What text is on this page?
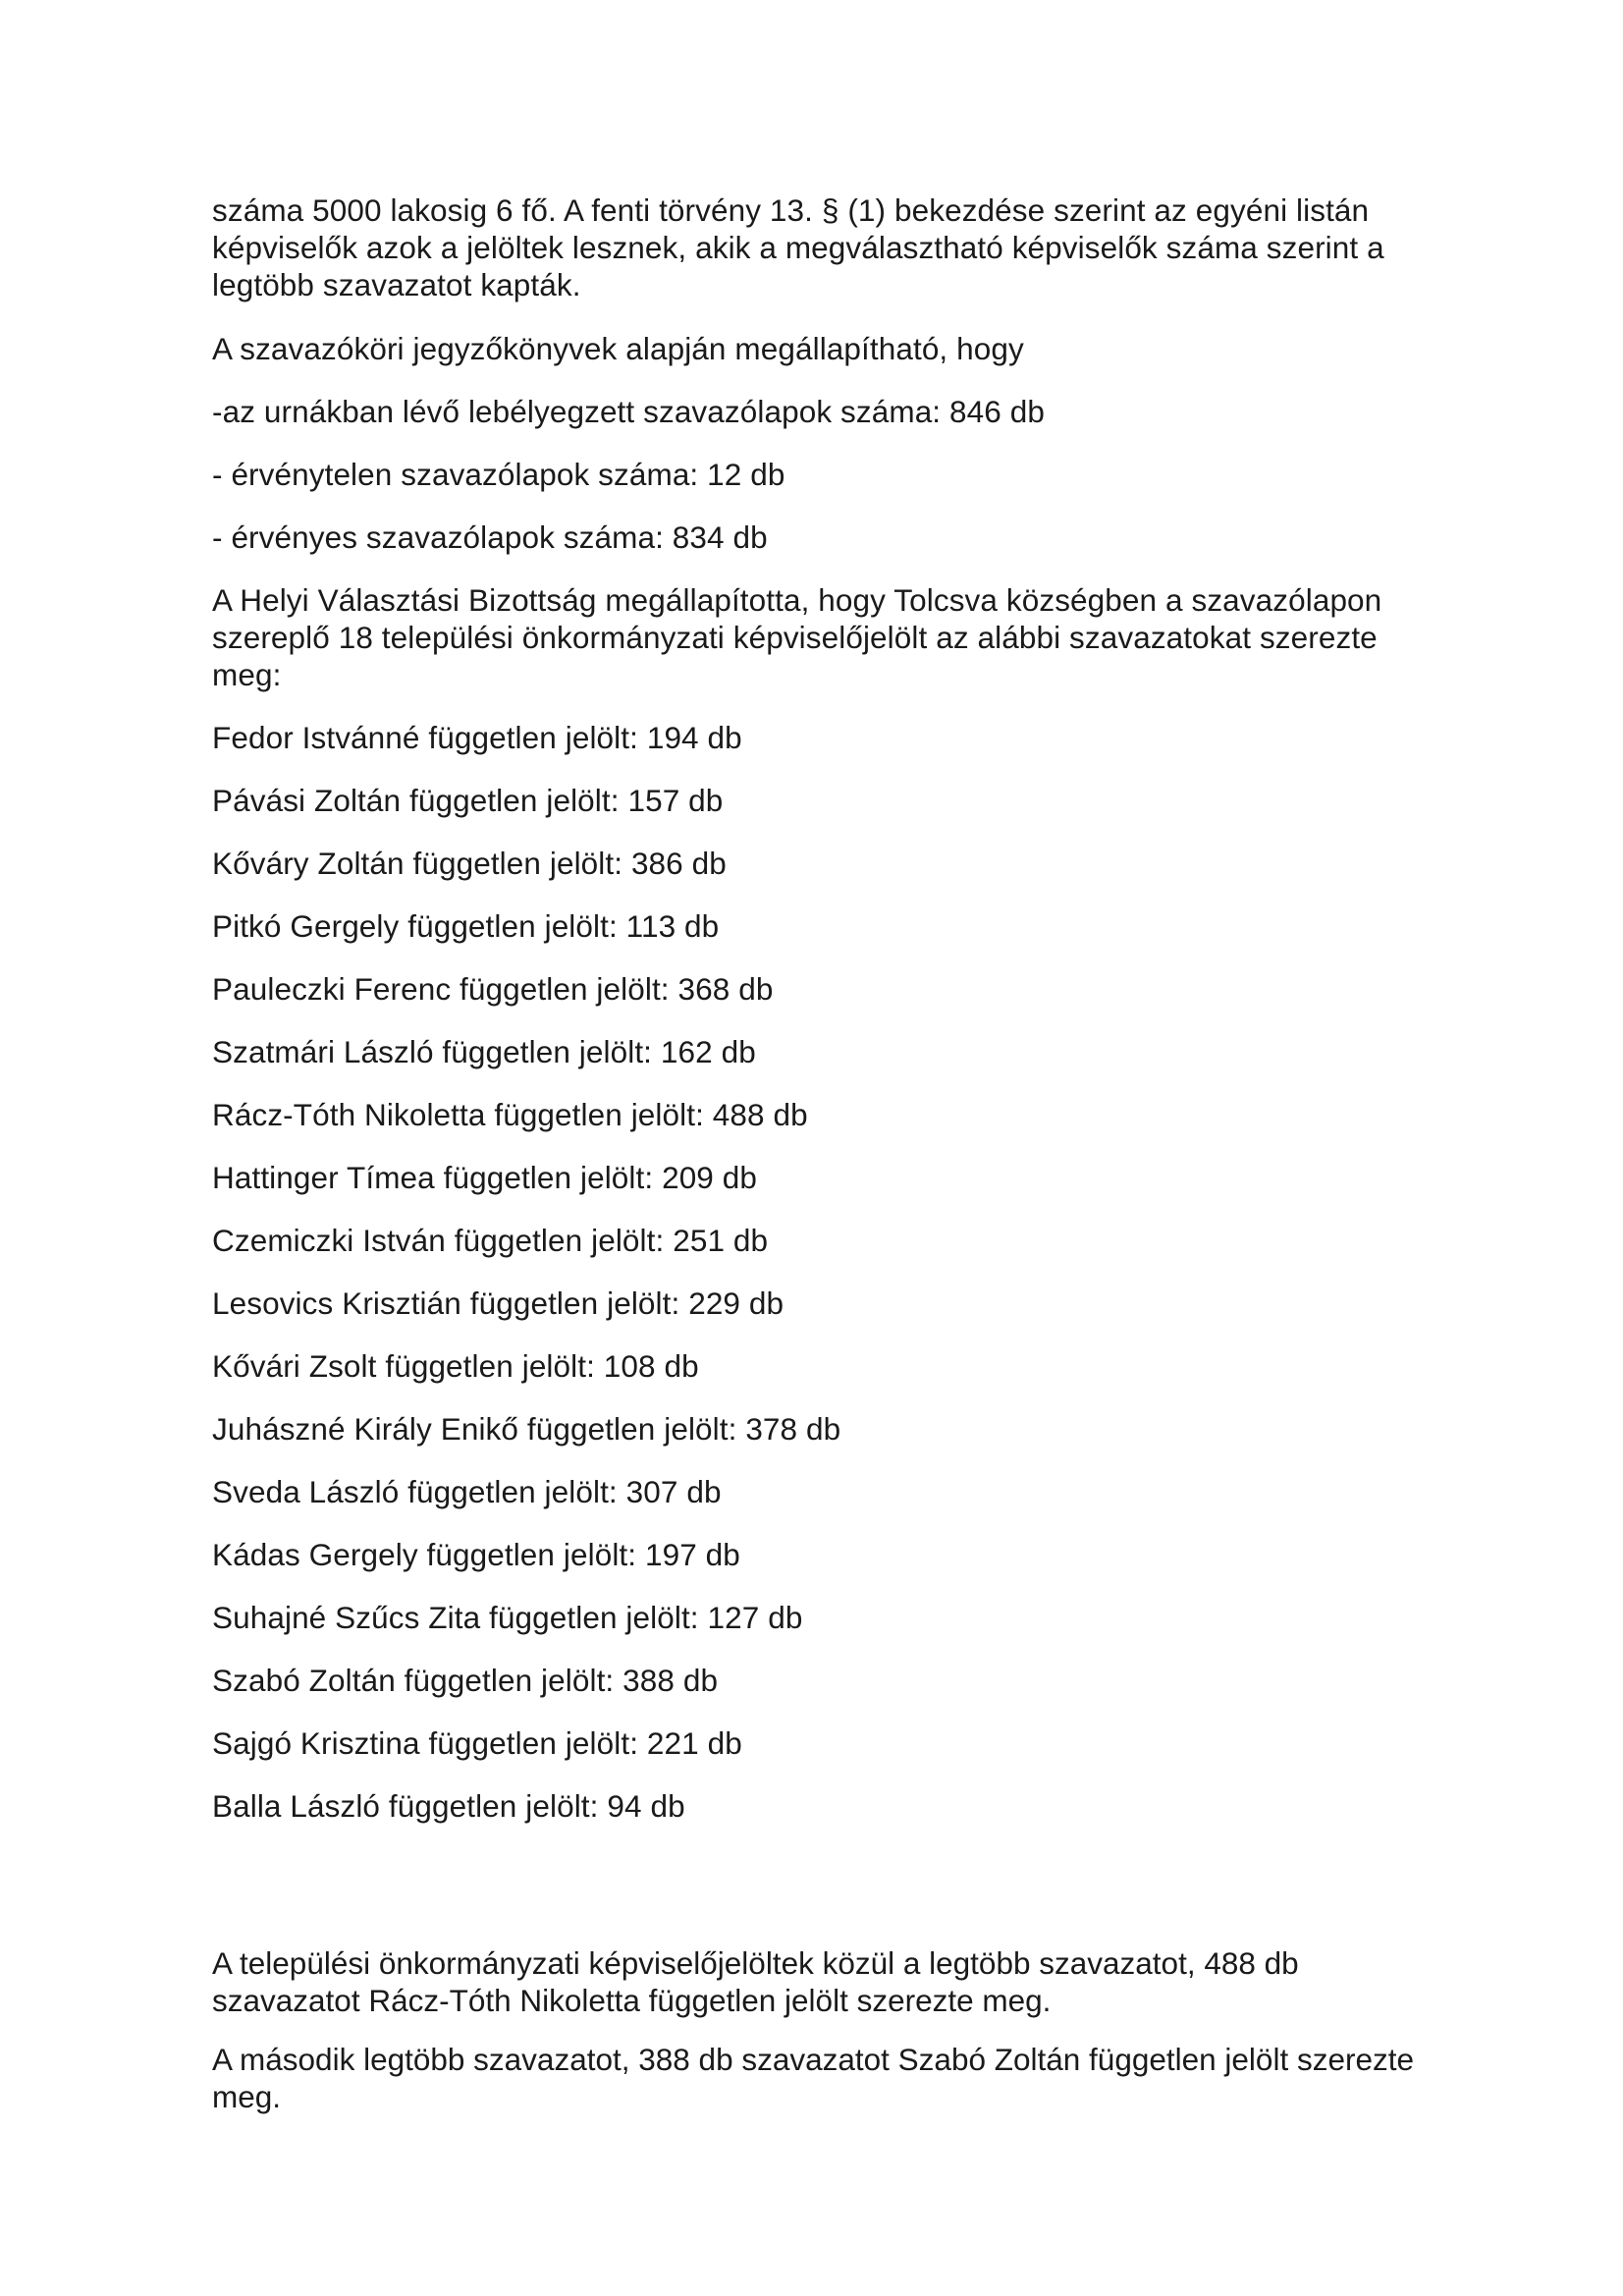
száma 5000 lakosig 6 fő. A fenti törvény 13. § (1) bekezdése szerint az egyéni listán képviselők azok a jelöltek lesznek, akik a megválasztható képviselők száma szerint a legtöbb szavazatot kapták.

A szavazóköri jegyzőkönyvek alapján megállapítható, hogy

-az urnákban lévő lebélyegzett szavazólapok száma: 846 db

- érvénytelen szavazólapok száma: 12 db

- érvényes szavazólapok száma: 834 db

A Helyi Választási Bizottság megállapította, hogy Tolcsva községben a szavazólapon szereplő 18 települési önkormányzati képviselőjelölt az alábbi szavazatokat szerezte meg:

Fedor Istvánné független jelölt: 194 db
Pávási Zoltán független jelölt: 157 db
Kőváry Zoltán független jelölt: 386 db
Pitkó Gergely független jelölt: 113 db
Pauleczki Ferenc független jelölt: 368 db
Szatmári László független jelölt: 162 db
Rácz-Tóth Nikoletta független jelölt: 488 db
Hattinger Tímea független jelölt: 209 db
Czemiczki István független jelölt: 251 db
Lesovics Krisztián független jelölt: 229 db
Kővári Zsolt független jelölt: 108 db
Juhászné Király Enikő független jelölt: 378 db
Sveda László független jelölt: 307 db
Kádas Gergely független jelölt: 197 db
Suhajné Szűcs Zita független jelölt: 127 db
Szabó Zoltán független jelölt: 388 db
Sajgó Krisztina független jelölt: 221 db
Balla László független jelölt: 94 db

A települési önkormányzati képviselőjelöltek közül a legtöbb szavazatot, 488 db szavazatot Rácz-Tóth Nikoletta független jelölt szerezte meg.

A második legtöbb szavazatot, 388 db szavazatot Szabó Zoltán független jelölt szerezte meg.
